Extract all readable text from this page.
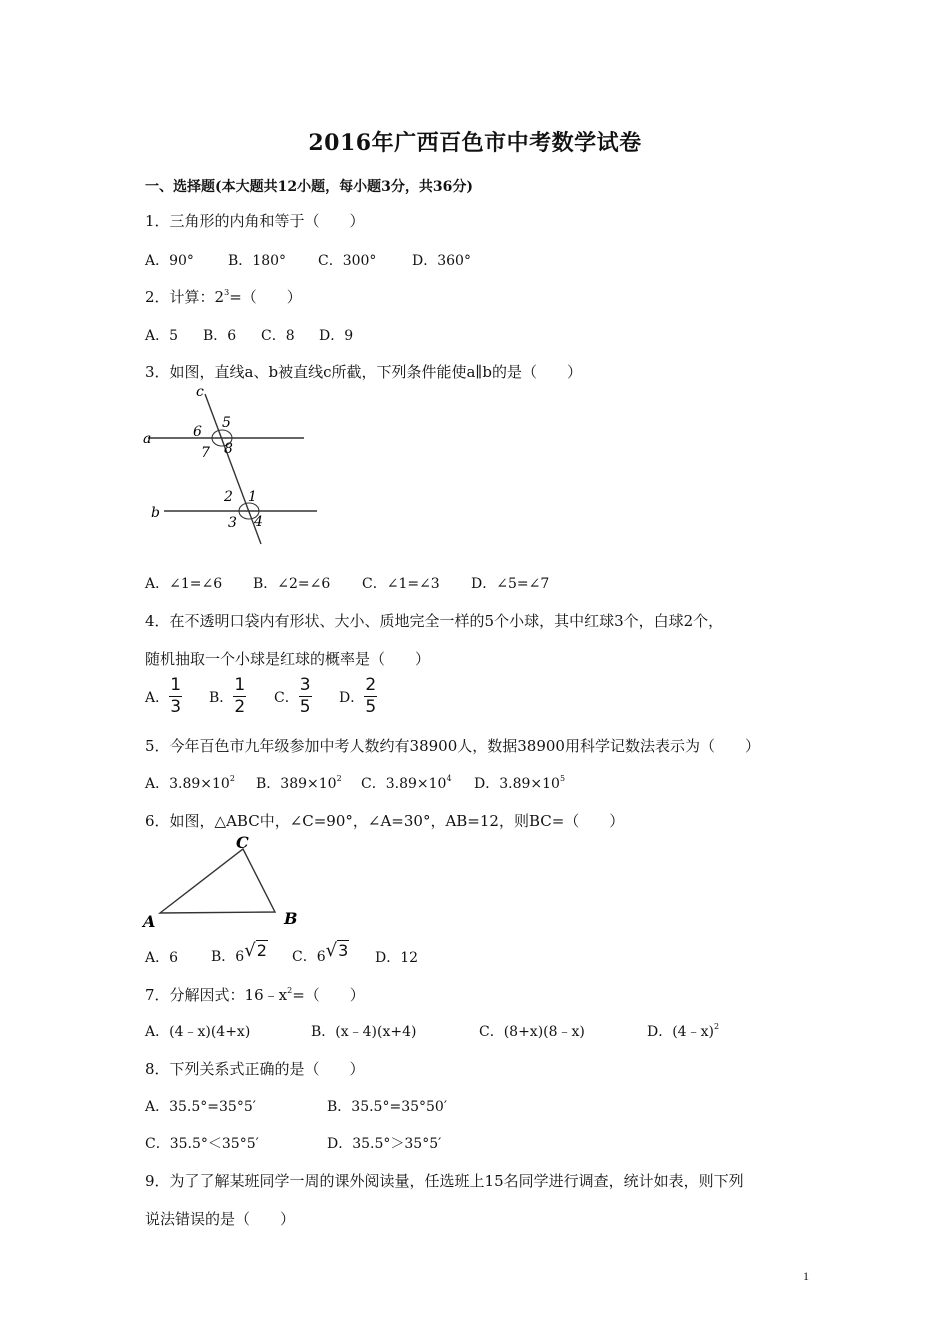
2016年广西百色市中考数学试卷
一、选择题(本大题共12小题，每小题3分，共36分)
1．三角形的内角和等于（　　）
A．90° B．180° C．300°	D．360°
2．计算：$2^3=$（　　）
A．5 B．6 C．8 D．9
3．如图，直线a、b被直线c所截，下列条件能使a∥b的是（　　）
c
a
b
5
6
7 8
1
2
3 4
A．∠1=∠6 B．∠2=∠6 C．∠1=∠3 D．∠5=∠7
4．在不透明口袋内有形状、大小、质地完全一样的5个小球，其中红球3个，白球2个，
随机抽取一个小球是红球的概率是（　　）
A． $\frac{1}{3}$ B． $\frac{1}{2}$ C． $\frac{3}{5}$ D． $\frac{2}{5}$
5．今年百色市九年级参加中考人数约有38900人，数据38900用科学记数法表示为（　　）
A．$3.89\times 10^2$ B．$389\times 10^2$ C．$3.89\times 10^4$ D．$3.89\times 10^5$
6．如图，△ABC中，∠C=90°，∠A=30°，AB=12，则BC=（　　）
A	B
C
A．6 B．6√2 C．6√3 D．12
7．分解因式：$16﹣x^2=$（　　）
A．(4﹣x)(4+x)	B．(x﹣4)(x+4)	C．(8+x)(8﹣x)	D．(4﹣x)$^2$
8．下列关系式正确的是（　　）
A．35.5°=35°5′	B．35.5°=35°50′
C．35.5°＜35°5′	D．35.5°＞35°5′
9．为了了解某班同学一周的课外阅读量，任选班上15名同学进行调查，统计如表，则下列
说法错误的是（　　）
1
